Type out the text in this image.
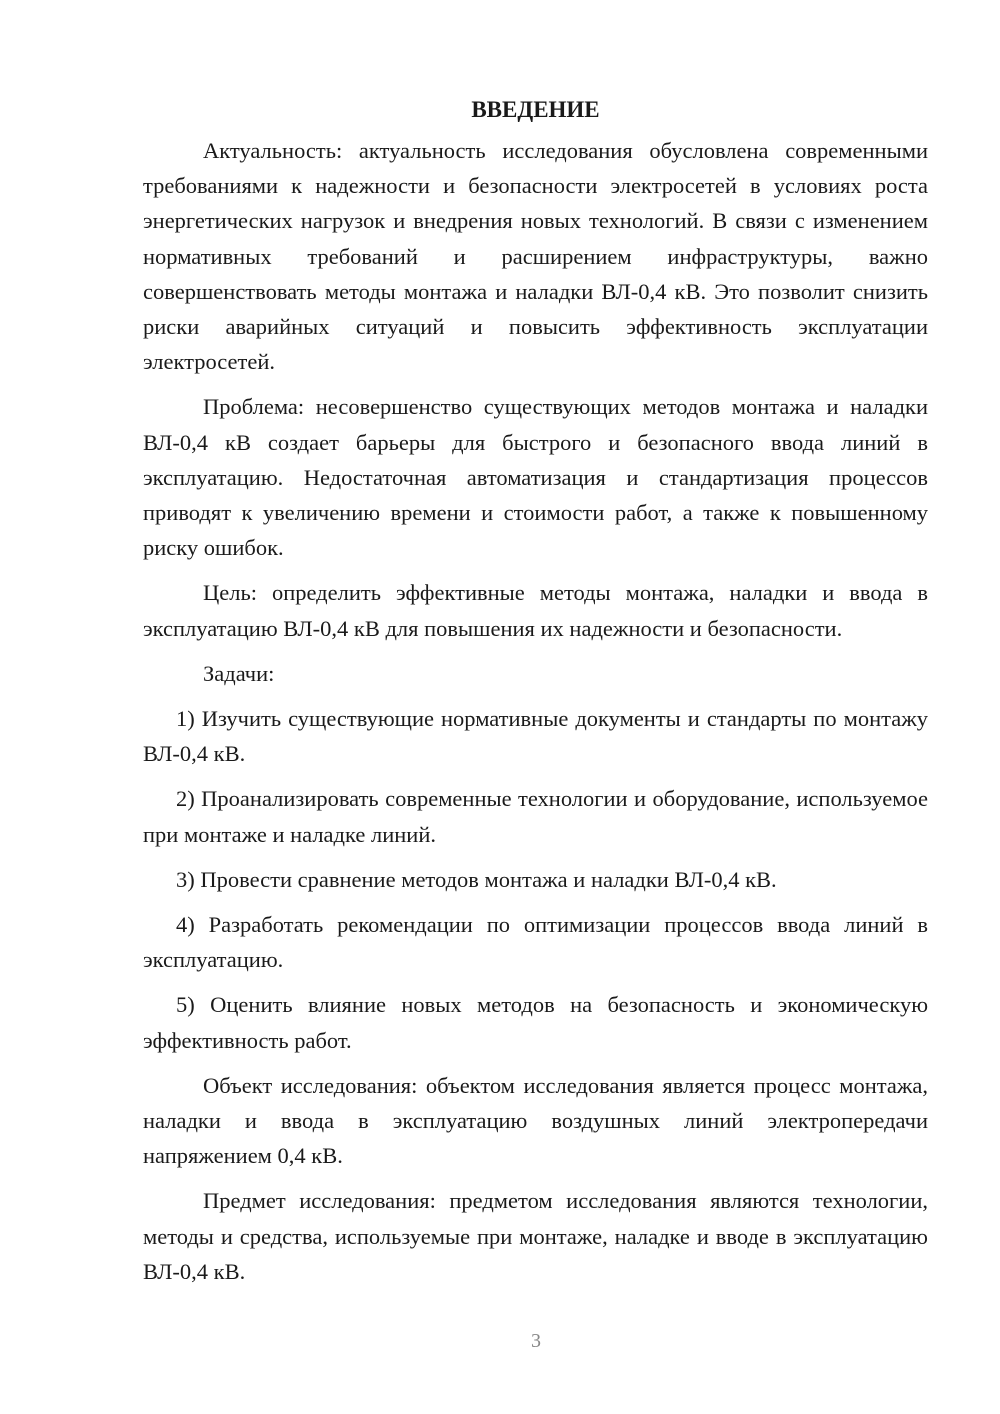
ВВЕДЕНИЕ

Актуальность: актуальность исследования обусловлена современными требованиями к надежности и безопасности электросетей в условиях роста энергетических нагрузок и внедрения новых технологий. В связи с изменением нормативных требований и расширением инфраструктуры, важно совершенствовать методы монтажа и наладки ВЛ-0,4 кВ. Это позволит снизить риски аварийных ситуаций и повысить эффективность эксплуатации электросетей.

Проблема: несовершенство существующих методов монтажа и наладки ВЛ-0,4 кВ создает барьеры для быстрого и безопасного ввода линий в эксплуатацию. Недостаточная автоматизация и стандартизация процессов приводят к увеличению времени и стоимости работ, а также к повышенному риску ошибок.

Цель: определить эффективные методы монтажа, наладки и ввода в эксплуатацию ВЛ-0,4 кВ для повышения их надежности и безопасности.

Задачи:

1) Изучить существующие нормативные документы и стандарты по монтажу ВЛ-0,4 кВ.

2) Проанализировать современные технологии и оборудование, используемое при монтаже и наладке линий.

3) Провести сравнение методов монтажа и наладки ВЛ-0,4 кВ.

4) Разработать рекомендации по оптимизации процессов ввода линий в эксплуатацию.

5) Оценить влияние новых методов на безопасность и экономическую эффективность работ.

Объект исследования: объектом исследования является процесс монтажа, наладки и ввода в эксплуатацию воздушных линий электропередачи напряжением 0,4 кВ.

Предмет исследования: предметом исследования являются технологии, методы и средства, используемые при монтаже, наладке и вводе в эксплуатацию ВЛ-0,4 кВ.

3
